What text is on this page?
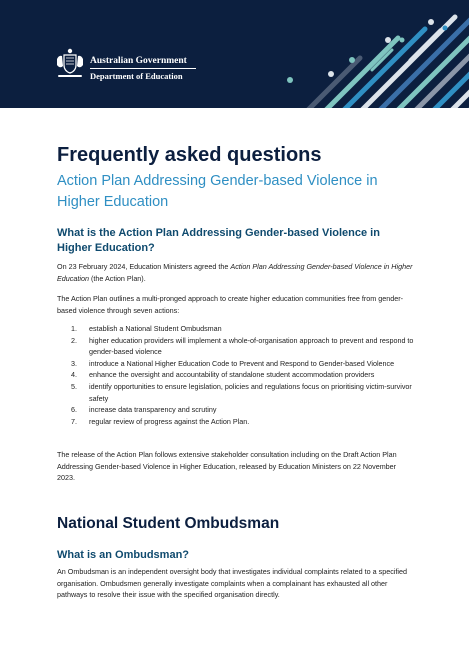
Australian Government
Department of Education
Frequently asked questions
Action Plan Addressing Gender-based Violence in Higher Education
What is the Action Plan Addressing Gender-based Violence in Higher Education?

On 23 February 2024, Education Ministers agreed the Action Plan Addressing Gender-based Violence in Higher Education (the Action Plan).

The Action Plan outlines a multi-pronged approach to create higher education communities free from gender-based violence through seven actions:

1.	establish a National Student Ombudsman
2.	higher education providers will implement a whole-of-organisation approach to prevent and respond to gender-based violence
3.	introduce a National Higher Education Code to Prevent and Respond to Gender-based Violence
4.	enhance the oversight and accountability of standalone student accommodation providers
5.	identify opportunities to ensure legislation, policies and regulations focus on prioritising victim-survivor safety
6.	increase data transparency and scrutiny
7.	regular review of progress against the Action Plan.

The release of the Action Plan follows extensive stakeholder consultation including on the Draft Action Plan Addressing Gender-based Violence in Higher Education, released by Education Ministers on 22 November 2023.

National Student Ombudsman
What is an Ombudsman?

An Ombudsman is an independent oversight body that investigates individual complaints related to a specified organisation. Ombudsmen generally investigate complaints when a complainant has exhausted all other pathways to resolve their issue with the specified organisation directly.
